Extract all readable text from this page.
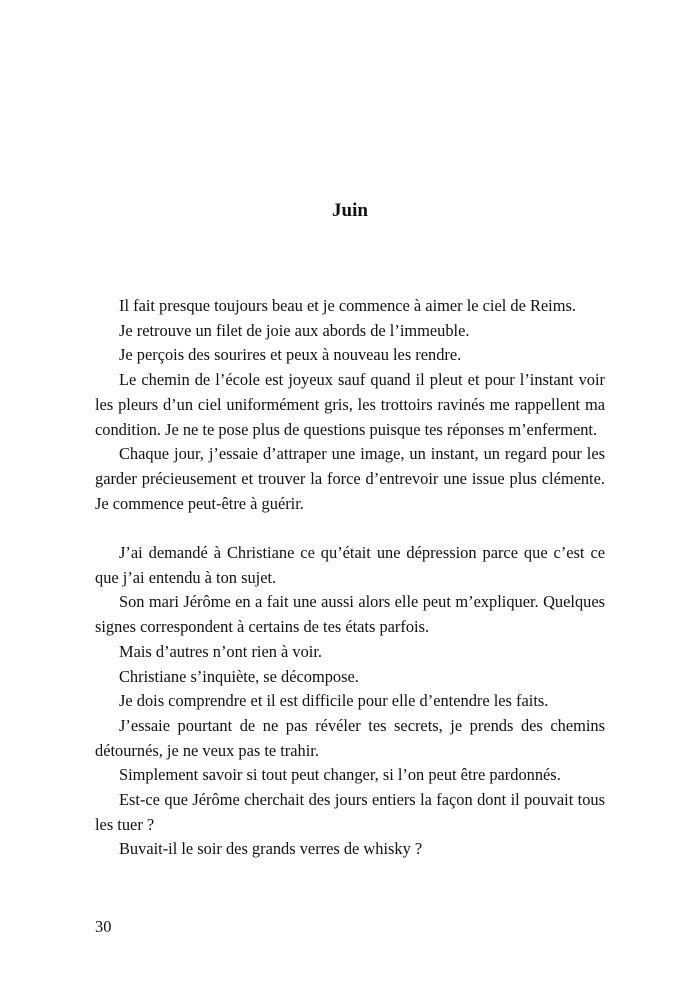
Juin

Il fait presque toujours beau et je commence à aimer le ciel de Reims.

Je retrouve un filet de joie aux abords de l’immeuble.

Je perçois des sourires et peux à nouveau les rendre.

Le chemin de l’école est joyeux sauf quand il pleut et pour l’instant voir les pleurs d’un ciel uniformément gris, les trottoirs ravinés me rappellent ma condition. Je ne te pose plus de questions puisque tes réponses m’enferment.

Chaque jour, j’essaie d’attraper une image, un instant, un regard pour les garder précieusement et trouver la force d’entrevoir une issue plus clémente. Je commence peut-être à guérir.

J’ai demandé à Christiane ce qu’était une dépression parce que c’est ce que j’ai entendu à ton sujet.

Son mari Jérôme en a fait une aussi alors elle peut m’expliquer. Quelques signes correspondent à certains de tes états parfois.

Mais d’autres n’ont rien à voir.

Christiane s’inquiète, se décompose.

Je dois comprendre et il est difficile pour elle d’entendre les faits.

J’essaie pourtant de ne pas révéler tes secrets, je prends des chemins détournés, je ne veux pas te trahir.

Simplement savoir si tout peut changer, si l’on peut être pardonnés.

Est-ce que Jérôme cherchait des jours entiers la façon dont il pouvait tous les tuer ?

Buvait-il le soir des grands verres de whisky ?

30
